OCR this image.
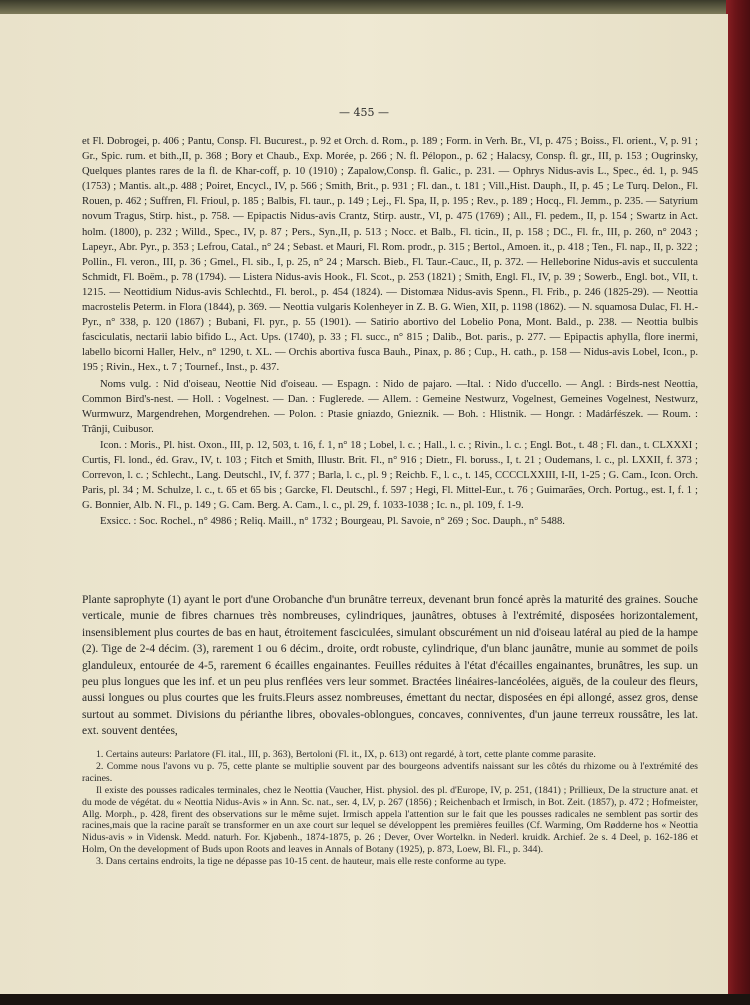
— 455 —

et Fl. Dobrogei, p. 406 ; Pantu, Consp. Fl. Bucurest., p. 92 et Orch. d. Rom., p. 189 ; Form. in Verh. Br., VI, p. 475 ; Boiss., Fl. orient., V, p. 91 ; Gr., Spic. rum. et bith.,II, p. 368 ; Bory et Chaub., Exp. Morée, p. 266 ; N. fl. Pélopon., p. 62 ; Halacsy, Consp. fl. gr., III, p. 153 ; Ougrinsky, Quelques plantes rares de la fl. de Khar-coff, p. 10 (1910) ; Zapalow,Consp. fl. Galic., p. 231. — Ophrys Nidus-avis L., Spec., éd. 1, p. 945 (1753) ; Mantis. alt.,p. 488 ; Poiret, Encycl., IV, p. 566 ; Smith, Brit., p. 931 ; Fl. dan., t. 181 ; Vill.,Hist. Dauph., II, p. 45 ; Le Turq. Delon., Fl. Rouen, p. 462 ; Suffren, Fl. Frioul, p. 185 ; Balbis, Fl. taur., p. 149 ; Lej., Fl. Spa, II, p. 195 ; Rev., p. 189 ; Hocq., Fl. Jemm., p. 235. — Satyrium novum Tragus, Stirp. hist., p. 758. — Epipactis Nidus-avis Crantz, Stirp. austr., VI, p. 475 (1769) ; All., Fl. pedem., II, p. 154 ; Swartz in Act. holm. (1800), p. 232 ; Willd., Spec., IV, p. 87 ; Pers., Syn.,II, p. 513 ; Nocc. et Balb., Fl. ticin., II, p. 158 ; DC., Fl. fr., III, p. 260, n° 2043 ; Lapeyr., Abr. Pyr., p. 353 ; Lefrou, Catal., n° 24 ; Sebast. et Mauri, Fl. Rom. prodr., p. 315 ; Bertol., Amoen. it., p. 418 ; Ten., Fl. nap., II, p. 322 ; Pollin., Fl. veron., III, p. 36 ; Gmel., Fl. sib., I, p. 25, n° 24 ; Marsch. Bieb., Fl. Taur.-Cauc., II, p. 372. — Helleborine Nidus-avis et succulenta Schmidt, Fl. Boëm., p. 78 (1794). — Listera Nidus-avis Hook., Fl. Scot., p. 253 (1821) ; Smith, Engl. Fl., IV, p. 39 ; Sowerb., Engl. bot., VII, t. 1215. — Neottidium Nidus-avis Schlechtd., Fl. berol., p. 454 (1824). — Distomæa Nidus-avis Spenn., Fl. Frib., p. 246 (1825-29). — Neottia macrostelis Peterm. in Flora (1844), p. 369. — Neottia vulgaris Kolenheyer in Z. B. G. Wien, XII, p. 1198 (1862). — N. squamosa Dulac, Fl. H.-Pyr., n° 338, p. 120 (1867) ; Bubani, Fl. pyr., p. 55 (1901). — Satirio abortivo del Lobelio Pona, Mont. Bald., p. 238. — Neottia bulbis fasciculatis, nectarii labio bifido L., Act. Ups. (1740), p. 33 ; Fl. succ., n° 815 ; Dalib., Bot. paris., p. 277. — Epipactis aphylla, flore inermi, labello bicorni Haller, Helv., n° 1290, t. XL. — Orchis abortiva fusca Bauh., Pinax, p. 86 ; Cup., H. cath., p. 158 — Nidus-avis Lobel, Icon., p. 195 ; Rivin., Hex., t. 7 ; Tournef., Inst., p. 437.

Noms vulg. : Nid d'oiseau, Neottie Nid d'oiseau. — Espagn. : Nido de pajaro. —Ital. : Nido d'uccello. — Angl. : Birds-nest Neottia, Common Bird's-nest. — Holl. : Vogelnest. — Dan. : Fuglerede. — Allem. : Gemeine Nestwurz, Vogelnest, Gemeines Vogelnest, Nestwurz, Wurmwurz, Margendrehen, Morgendrehen. — Polon. : Ptasie gniazdo, Gnieznik. — Boh. : Hlistnik. — Hongr. : Madárfészek. — Roum. : Trânji, Cuibusor.

Icon. : Moris., Pl. hist. Oxon., III, p. 12, 503, t. 16, f. 1, n° 18 ; Lobel, l. c. ; Hall., l. c. ; Rivin., l. c. ; Engl. Bot., t. 48 ; Fl. dan., t. CLXXXI ; Curtis, Fl. lond., éd. Grav., IV, t. 103 ; Fitch et Smith, Illustr. Brit. Fl., n° 916 ; Dietr., Fl. boruss., I, t. 21 ; Oudemans, l. c., pl. LXXII, f. 373 ; Correvon, l. c. ; Schlecht., Lang. Deutschl., IV, f. 377 ; Barla, l. c., pl. 9 ; Reichb. F., l. c., t. 145, CCCCLXXIII, I-II, 1-25 ; G. Cam., Icon. Orch. Paris, pl. 34 ; M. Schulze, l. c., t. 65 et 65 bis ; Garcke, Fl. Deutschl., f. 597 ; Hegi, Fl. Mittel-Eur., t. 76 ; Guimarães, Orch. Portug., est. I, f. 1 ; G. Bonnier, Alb. N. Fl., p. 149 ; G. Cam. Berg. A. Cam., l. c., pl. 29, f. 1033-1038 ; Ic. n., pl. 109, f. 1-9.

Exsicc. : Soc. Rochel., n° 4986 ; Reliq. Maill., n° 1732 ; Bourgeau, Pl. Savoie, n° 269 ; Soc. Dauph., n° 5488.

Plante saprophyte (1) ayant le port d'une Orobanche d'un brunâtre terreux, devenant brun foncé après la maturité des graines. Souche verticale, munie de fibres charnues très nombreuses, cylindriques, jaunâtres, obtuses à l'extrémité, disposées horizontalement, insensiblement plus courtes de bas en haut, étroitement fasciculées, simulant obscurément un nid d'oiseau latéral au pied de la hampe (2). Tige de 2-4 décim. (3), rarement 1 ou 6 décim., droite, ordt robuste, cylindrique, d'un blanc jaunâtre, munie au sommet de poils glanduleux, entourée de 4-5, rarement 6 écailles engainantes. Feuilles réduites à l'état d'écailles engainantes, brunâtres, les sup. un peu plus longues que les inf. et un peu plus renflées vers leur sommet. Bractées linéaires-lancéolées, aiguës, de la couleur des fleurs, aussi longues ou plus courtes que les fruits.Fleurs assez nombreuses, émettant du nectar, disposées en épi allongé, assez gros, dense surtout au sommet. Divisions du périanthe libres, obovales-oblongues, concaves, conniventes, d'un jaune terreux roussâtre, les lat. ext. souvent dentées,

1. Certains auteurs: Parlatore (Fl. ital., III, p. 363), Bertoloni (Fl. it., IX, p. 613) ont regardé, à tort, cette plante comme parasite.

2. Comme nous l'avons vu p. 75, cette plante se multiplie souvent par des bourgeons adventifs naissant sur les côtés du rhizome ou à l'extrémité des racines.

Il existe des pousses radicales terminales, chez le Neottia (Vaucher, Hist. physiol. des pl. d'Europe, IV, p. 251, (1841) ; Prillieux, De la structure anat. et du mode de végétat. du « Neottia Nidus-Avis » in Ann. Sc. nat., ser. 4, LV, p. 267 (1856) ; Reichenbach et Irmisch, in Bot. Zeit. (1857), p. 472 ; Hofmeister, Allg. Morph., p. 428, firent des observations sur le même sujet. Irmisch appela l'attention sur le fait que les pousses radicales ne semblent pas sortir des racines,mais que la racine paraît se transformer en un axe court sur lequel se développent les premières feuilles (Cf. Warming, Om Rødderne hos « Neottia Nidus-avis » in Vidensk. Medd. naturh. For. Kjøbenh., 1874-1875, p. 26 ; Dever, Over Wortelkn. in Nederl. kruidk. Archief. 2e s. 4 Deel, p. 162-186 et Holm, On the development of Buds upon Roots and leaves in Annals of Botany (1925), p. 873, Loew, Bl. Fl., p. 344).

3. Dans certains endroits, la tige ne dépasse pas 10-15 cent. de hauteur, mais elle reste conforme au type.
